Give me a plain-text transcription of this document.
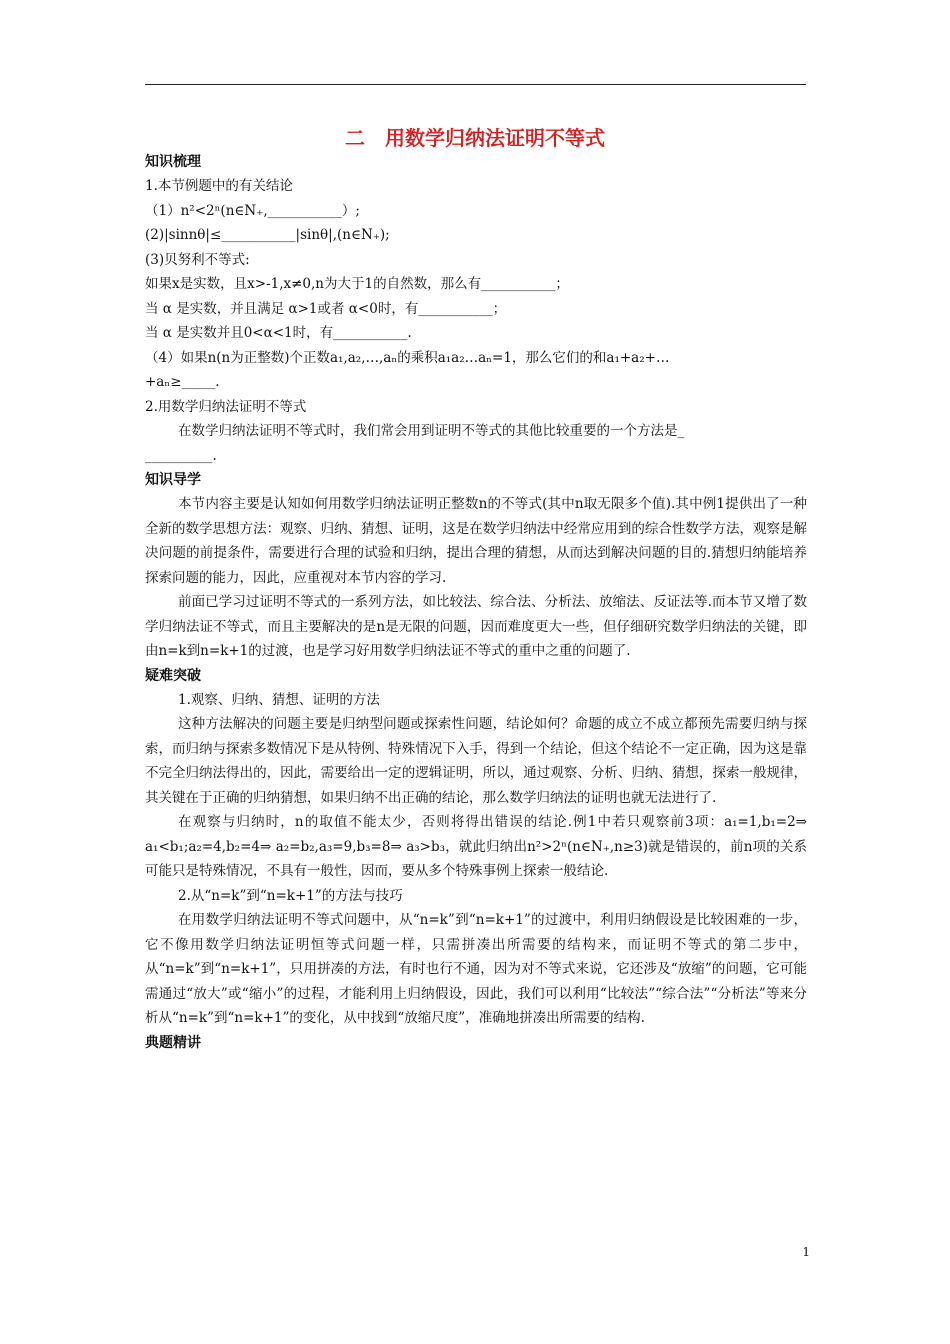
二　用数学归纳法证明不等式
知识梳理
1.本节例题中的有关结论
（1）n²<2ⁿ(n∈N₊,___________）;
(2)|sinnθ|≤___________|sinθ|,(n∈N₊);
(3)贝努利不等式:
如果x是实数，且x>-1,x≠0,n为大于1的自然数，那么有___________；
当 α 是实数，并且满足 α>1或者 α<0时，有___________；
当 α 是实数并且0<α<1时，有___________.
（4）如果n(n为正整数)个正数a₁,a₂,…,aₙ的乘积a₁a₂…aₙ=1，那么它们的和a₁+a₂+…
+aₙ≥_____.
2.用数学归纳法证明不等式
在数学归纳法证明不等式时，我们常会用到证明不等式的其他比较重要的一个方法是_
__________.
知识导学
本节内容主要是认知如何用数学归纳法证明正整数n的不等式(其中n取无限多个值).其中例1提供出了一种全新的数学思想方法：观察、归纳、猜想、证明，这是在数学归纳法中经常应用到的综合性数学方法，观察是解决问题的前提条件，需要进行合理的试验和归纳，提出合理的猜想，从而达到解决问题的目的.猜想归纳能培养探索问题的能力，因此，应重视对本节内容的学习.
前面已学习过证明不等式的一系列方法，如比较法、综合法、分析法、放缩法、反证法等.而本节又增了数学归纳法证不等式，而且主要解决的是n是无限的问题，因而难度更大一些，但仔细研究数学归纳法的关键，即由n=k到n=k+1的过渡，也是学习好用数学归纳法证不等式的重中之重的问题了.
疑难突破
1.观察、归纳、猜想、证明的方法
这种方法解决的问题主要是归纳型问题或探索性问题，结论如何？命题的成立不成立都预先需要归纳与探索，而归纳与探索多数情况下是从特例、特殊情况下入手，得到一个结论，但这个结论不一定正确，因为这是靠不完全归纳法得出的，因此，需要给出一定的逻辑证明，所以，通过观察、分析、归纳、猜想，探索一般规律，其关键在于正确的归纳猜想，如果归纳不出正确的结论，那么数学归纳法的证明也就无法进行了.
在观察与归纳时，n的取值不能太少，否则将得出错误的结论.例1中若只观察前3项：a₁=1,b₁=2⇒ a₁<b₁;a₂=4,b₂=4⇒ a₂=b₂,a₃=9,b₃=8⇒ a₃>b₃，就此归纳出n²>2ⁿ(n∈N₊,n≥3)就是错误的，前n项的关系可能只是特殊情况，不具有一般性，因而，要从多个特殊事例上探索一般结论.
2.从“n=k”到“n=k+1”的方法与技巧
在用数学归纳法证明不等式问题中，从“n=k”到“n=k+1”的过渡中，利用归纳假设是比较困难的一步，它不像用数学归纳法证明恒等式问题一样，只需拼凑出所需要的结构来，而证明不等式的第二步中，从“n=k”到“n=k+1”，只用拼凑的方法，有时也行不通，因为对不等式来说，它还涉及“放缩”的问题，它可能需通过“放大”或“缩小”的过程，才能利用上归纳假设，因此，我们可以利用“比较法”“综合法”“分析法”等来分析从“n=k”到“n=k+1”的变化，从中找到“放缩尺度”，准确地拼凑出所需要的结构.
典题精讲
1
